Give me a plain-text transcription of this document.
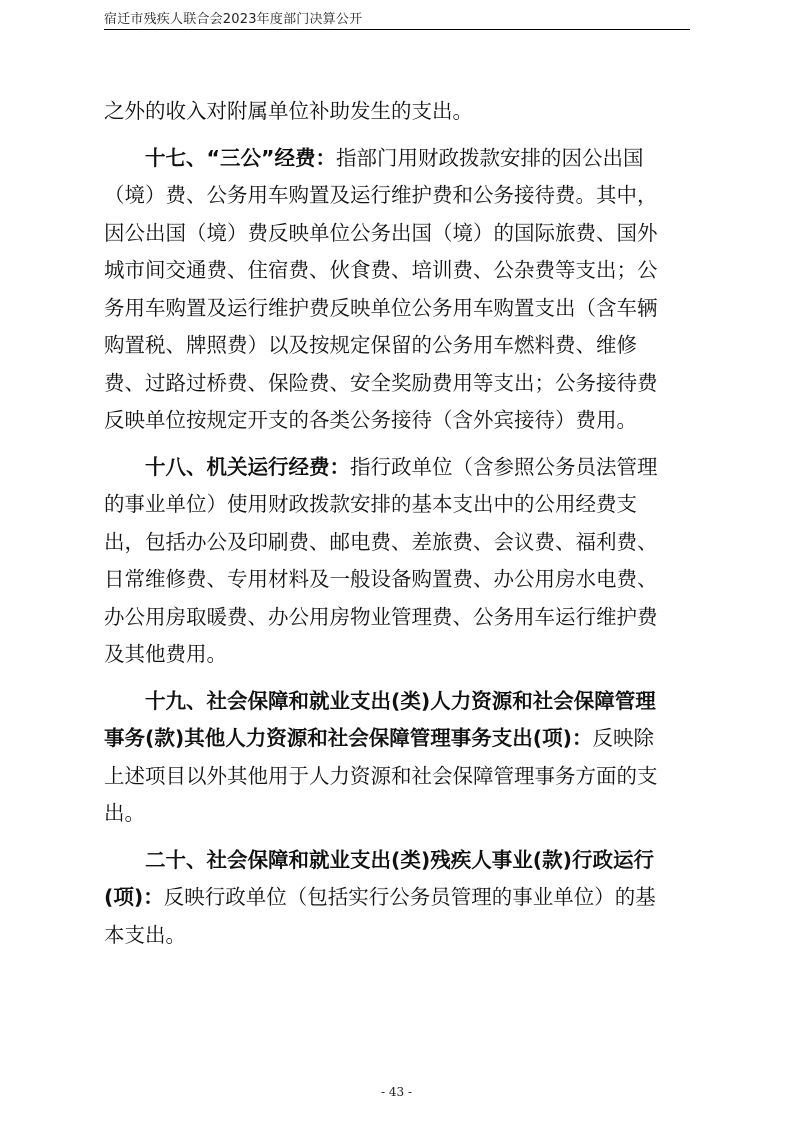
宿迁市残疾人联合会2023年度部门决算公开

之外的收入对附属单位补助发生的支出。

十七、“三公”经费：指部门用财政拨款安排的因公出国
（境）费、公务用车购置及运行维护费和公务接待费。其中，
因公出国（境）费反映单位公务出国（境）的国际旅费、国外
城市间交通费、住宿费、伙食费、培训费、公杂费等支出；公
务用车购置及运行维护费反映单位公务用车购置支出（含车辆
购置税、牌照费）以及按规定保留的公务用车燃料费、维修
费、过路过桥费、保险费、安全奖励费用等支出；公务接待费
反映单位按规定开支的各类公务接待（含外宾接待）费用。

十八、机关运行经费：指行政单位（含参照公务员法管理
的事业单位）使用财政拨款安排的基本支出中的公用经费支
出，包括办公及印刷费、邮电费、差旅费、会议费、福利费、
日常维修费、专用材料及一般设备购置费、办公用房水电费、
办公用房取暖费、办公用房物业管理费、公务用车运行维护费
及其他费用。

十九、社会保障和就业支出(类)人力资源和社会保障管理
事务(款)其他人力资源和社会保障管理事务支出(项)：反映除
上述项目以外其他用于人力资源和社会保障管理事务方面的支
出。

二十、社会保障和就业支出(类)残疾人事业(款)行政运行
(项)：反映行政单位（包括实行公务员管理的事业单位）的基
本支出。

- 43 -
